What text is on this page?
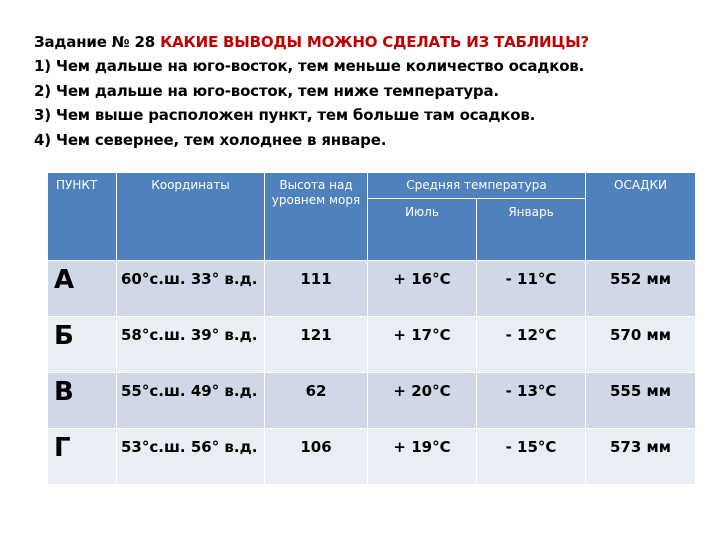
Задание № 28 КАКИЕ ВЫВОДЫ МОЖНО СДЕЛАТЬ ИЗ ТАБЛИЦЫ?
1) Чем дальше на юго-восток, тем меньше количество осадков.
2) Чем дальше на юго-восток, тем ниже температура.
3) Чем выше расположен пункт, тем больше там осадков.
4) Чем севернее, тем холоднее в январе.
ПУНКТ	Координаты	Высота над уровнем моря	Средняя температура		ОСАДКИ
			Июль	Январь	
А	60°с.ш. 33° в.д.	111	+ 16°С	- 11°С	552 мм
Б	58°с.ш. 39° в.д.	121	+ 17°С	- 12°С	570 мм
В	55°с.ш. 49° в.д.	62	+ 20°С	- 13°С	555 мм
Г	53°с.ш. 56° в.д.	106	+ 19°С	- 15°С	573 мм
